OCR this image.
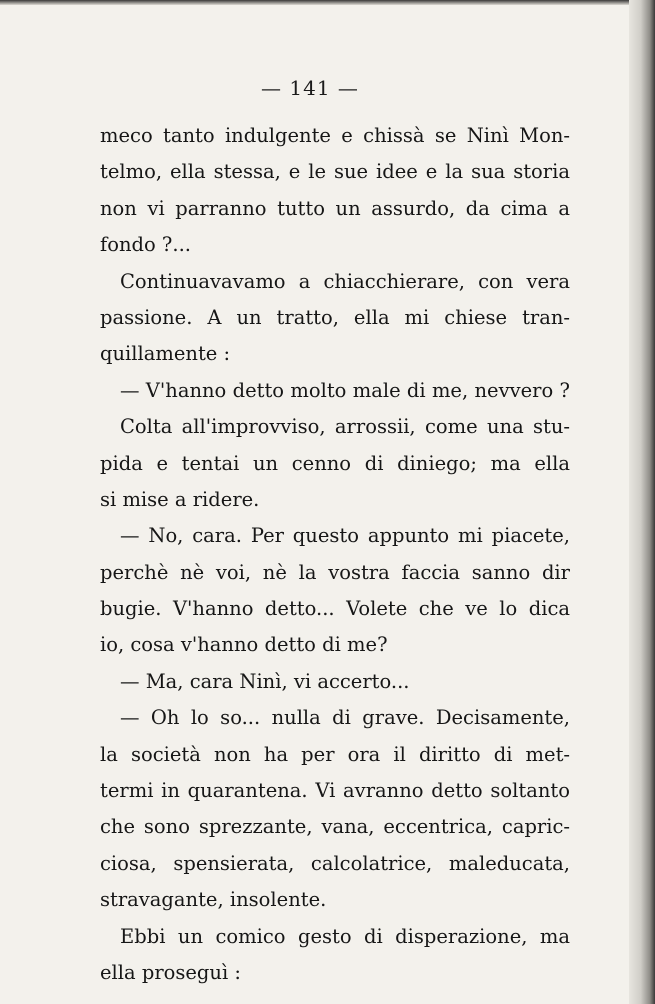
— 141 —
meco tanto indulgente e chissà se Ninì Mon-
telmo, ella stessa, e le sue idee e la sua storia
non vi parranno tutto un assurdo, da cima a
fondo ?...
Continuavavamo a chiacchierare, con vera
passione. A un tratto, ella mi chiese tran-
quillamente :
— V'hanno detto molto male di me, nevvero ?
Colta all'improvviso, arrossii, come una stu-
pida e tentai un cenno di diniego; ma ella
si mise a ridere.
— No, cara. Per questo appunto mi piacete,
perchè nè voi, nè la vostra faccia sanno dir
bugie. V'hanno detto... Volete che ve lo dica
io, cosa v'hanno detto di me?
— Ma, cara Ninì, vi accerto...
— Oh lo so... nulla di grave. Decisamente,
la società non ha per ora il diritto di met-
termi in quarantena. Vi avranno detto soltanto
che sono sprezzante, vana, eccentrica, capric-
ciosa, spensierata, calcolatrice, maleducata,
stravagante, insolente.
Ebbi un comico gesto di disperazione, ma
ella proseguì :
